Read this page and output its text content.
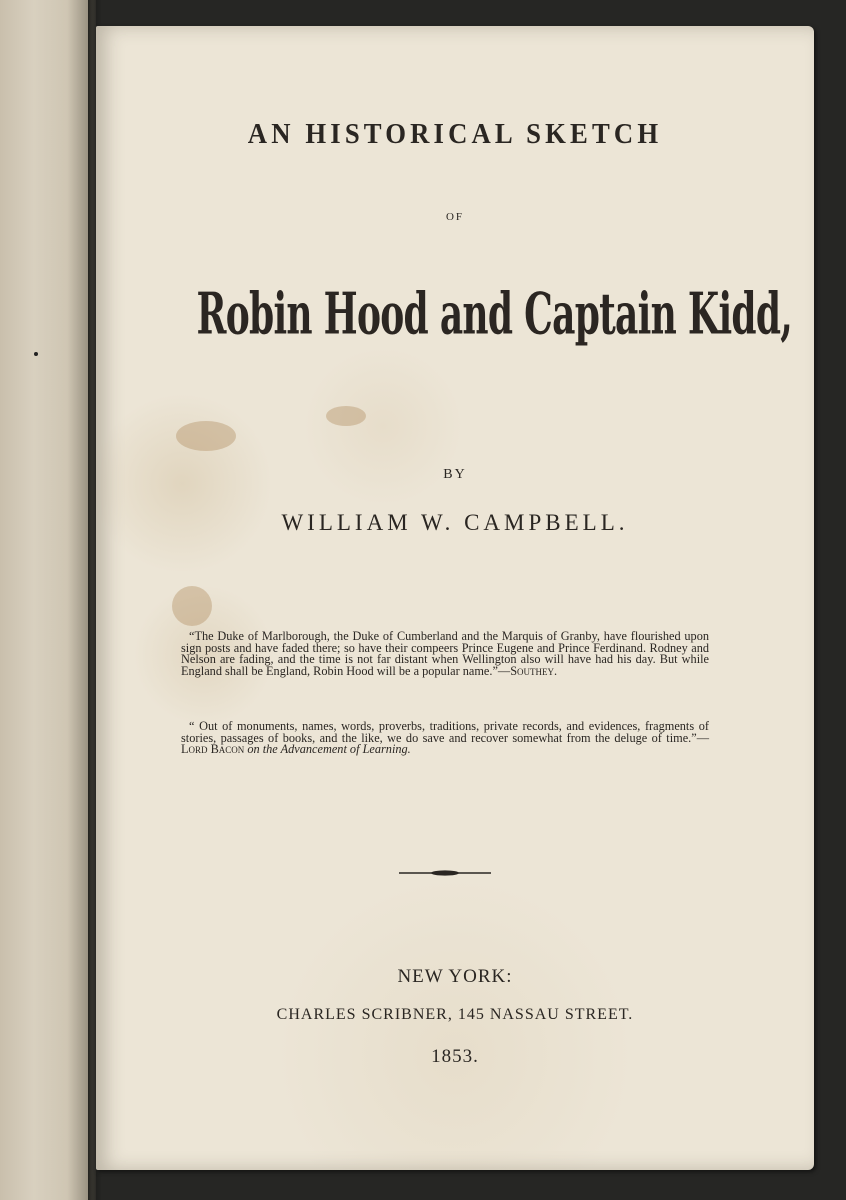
AN HISTORICAL SKETCH
OF
Robin Hood and Captain Kidd,
BY
WILLIAM W. CAMPBELL.

“The Duke of Marlborough, the Duke of Cumberland and the Marquis of Granby, have flourished upon sign posts and have faded there; so have their compeers Prince Eugene and Prince Ferdinand. Rodney and Nelson are fading, and the time is not far distant when Wellington also will have had his day. But while England shall be England, Robin Hood will be a popular name.”—Southey.

“ Out of monuments, names, words, proverbs, traditions, private records, and evidences, fragments of stories, passages of books, and the like, we do save and recover somewhat from the deluge of time.”—Lord Bacon on the Advancement of Learning.

NEW YORK:
CHARLES SCRIBNER, 145 NASSAU STREET.
1853.
